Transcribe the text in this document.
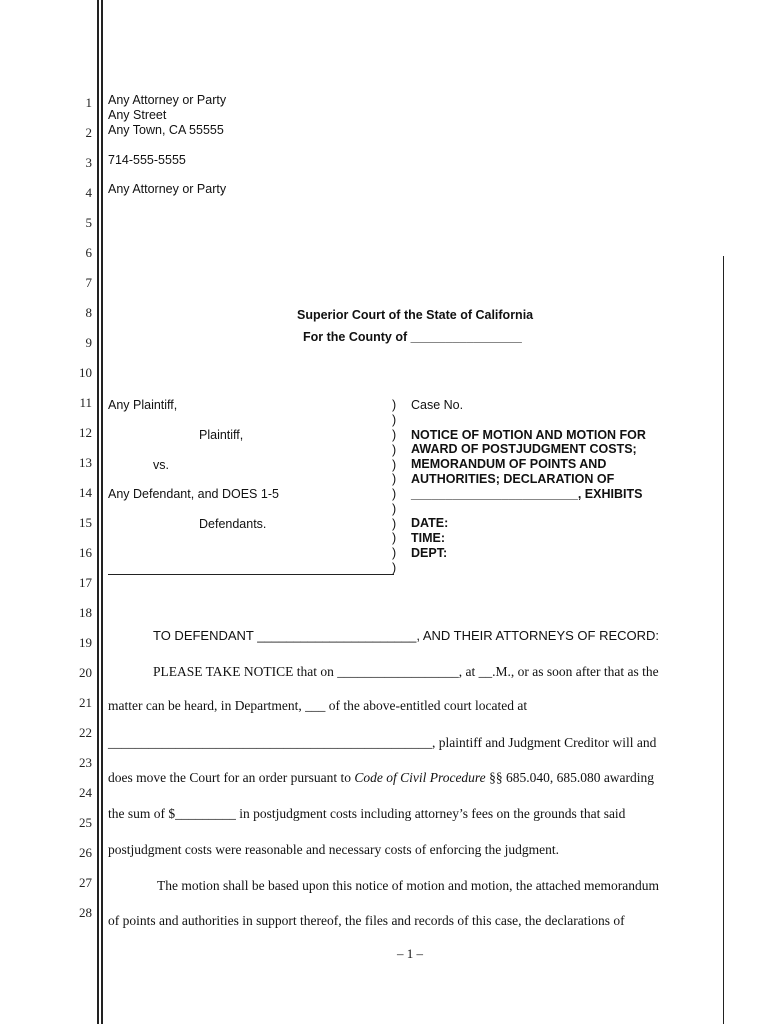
1
2
3
4
5
6
7
8
9
10
11
12
13
14
15
16
17
18
19
20
21
22
23
24
25
26
27
28
Any Attorney or Party
Any Street
Any Town, CA 55555
714-555-5555
Any Attorney or Party
Superior Court of the State of California
For the County of ________________
Any Plaintiff,
Plaintiff,
vs.
Any Defendant, and DOES 1-5
Defendants.
)
)
)
)
)
)
)
)
)
)
)
)
Case No.
NOTICE OF MOTION AND MOTION FOR
AWARD OF POSTJUDGMENT COSTS;
MEMORANDUM OF POINTS AND
AUTHORITIES; DECLARATION OF
________________________, EXHIBITS
DATE:
TIME:
DEPT:
TO DEFENDANT ______________________, AND THEIR ATTORNEYS OF RECORD:
PLEASE TAKE NOTICE that on __________________, at __.M., or as soon after that as the
matter can be heard, in Department, ___ of the above-entitled court located at
________________________________________________, plaintiff and Judgment Creditor will and
does move the Court for an order pursuant to Code of Civil Procedure §§ 685.040, 685.080 awarding
the sum of $_________ in postjudgment costs including attorney’s fees on the grounds that said
postjudgment costs were reasonable and necessary costs of enforcing the judgment.
The motion shall be based upon this notice of motion and motion, the attached memorandum
of points and authorities in support thereof, the files and records of this case, the declarations of
– 1 –
